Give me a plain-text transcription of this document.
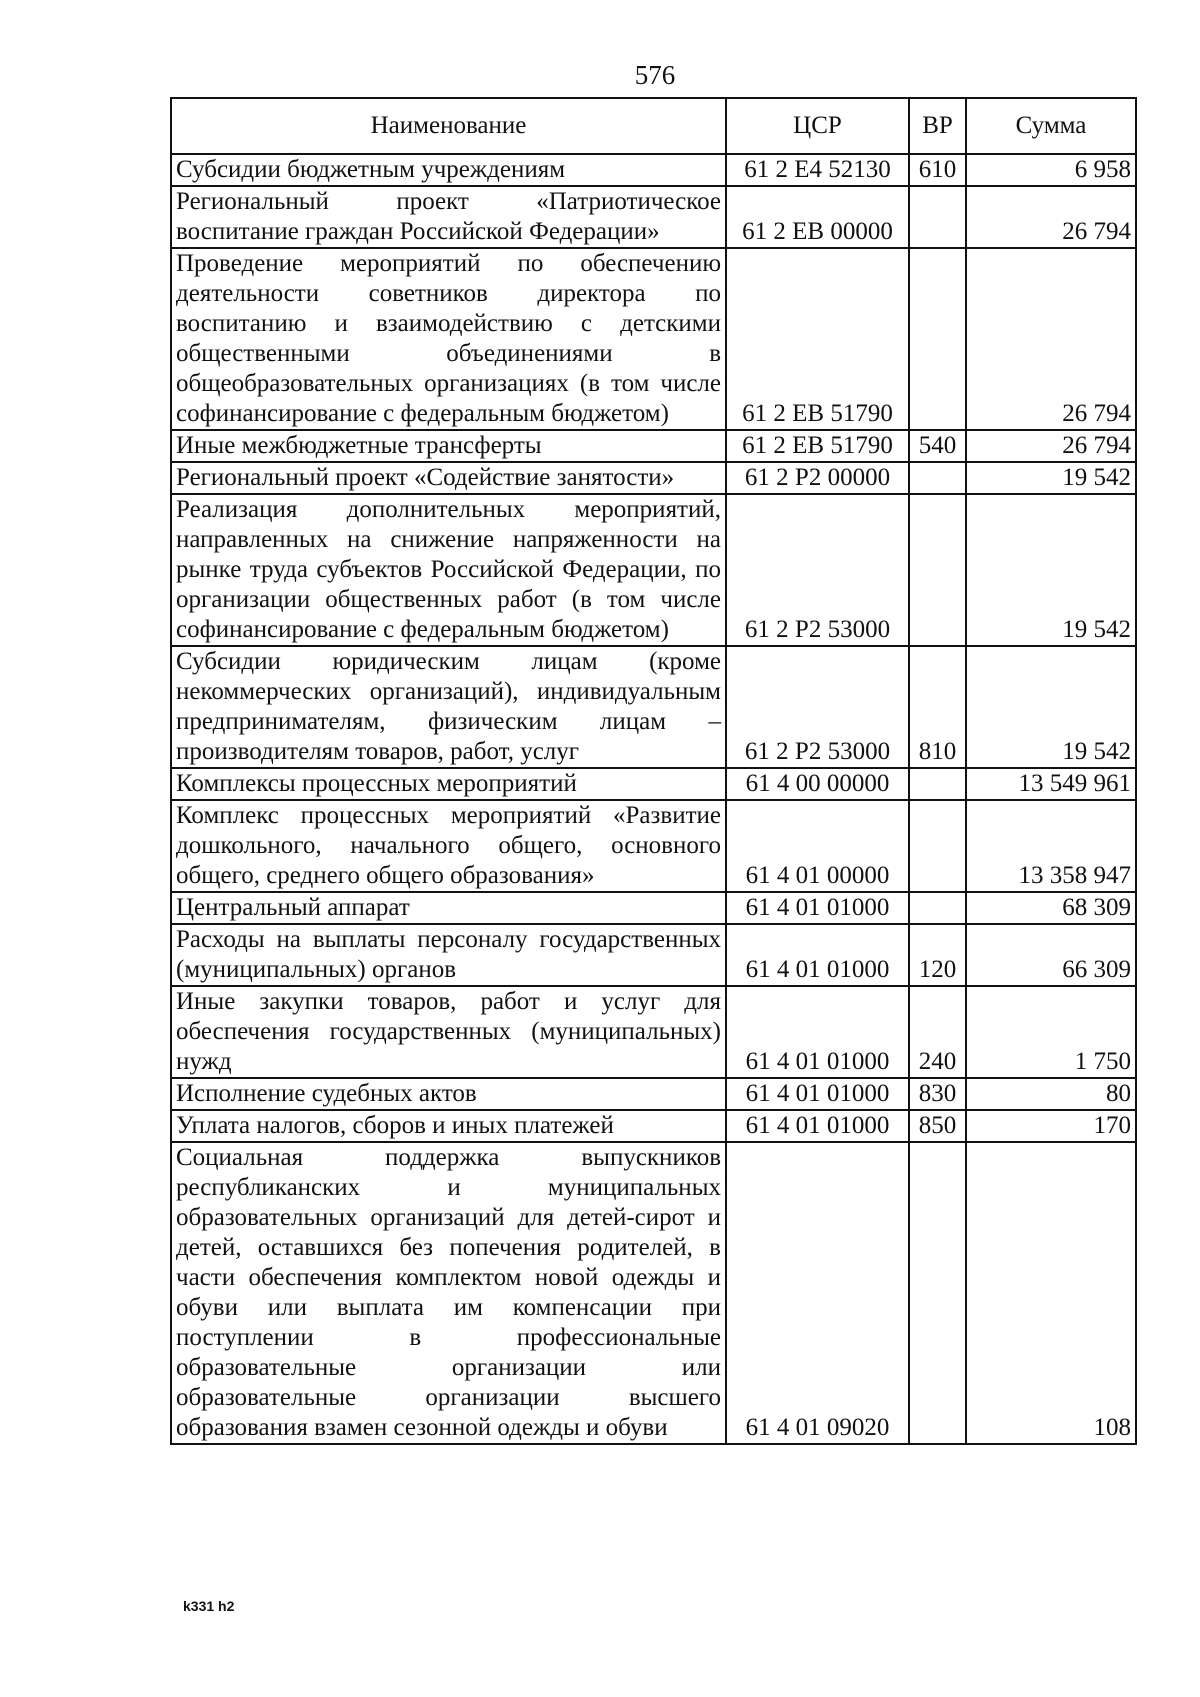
576
Наименование	ЦСР	ВР	Сумма
Субсидии бюджетным учреждениям	61 2 E4 52130	610	6 958
Региональный проект «Патриотическое воспитание граждан Российской Федерации»	61 2 EB 00000		26 794
Проведение мероприятий по обеспечению деятельности советников директора по воспитанию и взаимодействию с детскими общественными объединениями в общеобразовательных организациях (в том числе софинансирование с федеральным бюджетом)	61 2 EB 51790		26 794
Иные межбюджетные трансферты	61 2 EB 51790	540	26 794
Региональный проект «Содействие занятости»	61 2 P2 00000		19 542
Реализация дополнительных мероприятий, направленных на снижение напряженности на рынке труда субъектов Российской Федерации, по организации общественных работ (в том числе софинансирование с федеральным бюджетом)	61 2 P2 53000		19 542
Субсидии юридическим лицам (кроме некоммерческих организаций), индивидуальным предпринимателям, физическим лицам – производителям товаров, работ, услуг	61 2 P2 53000	810	19 542
Комплексы процессных мероприятий	61 4 00 00000		13 549 961
Комплекс процессных мероприятий «Развитие дошкольного, начального общего, основного общего, среднего общего образования»	61 4 01 00000		13 358 947
Центральный аппарат	61 4 01 01000		68 309
Расходы на выплаты персоналу государственных (муниципальных) органов	61 4 01 01000	120	66 309
Иные закупки товаров, работ и услуг для обеспечения государственных (муниципальных) нужд	61 4 01 01000	240	1 750
Исполнение судебных актов	61 4 01 01000	830	80
Уплата налогов, сборов и иных платежей	61 4 01 01000	850	170
Социальная поддержка выпускников республиканских и муниципальных образовательных организаций для детей-сирот и детей, оставшихся без попечения родителей, в части обеспечения комплектом новой одежды и обуви или выплата им компенсации при поступлении в профессиональные образовательные организации или образовательные организации высшего образования взамен сезонной одежды и обуви	61 4 01 09020		108
k331 h2
